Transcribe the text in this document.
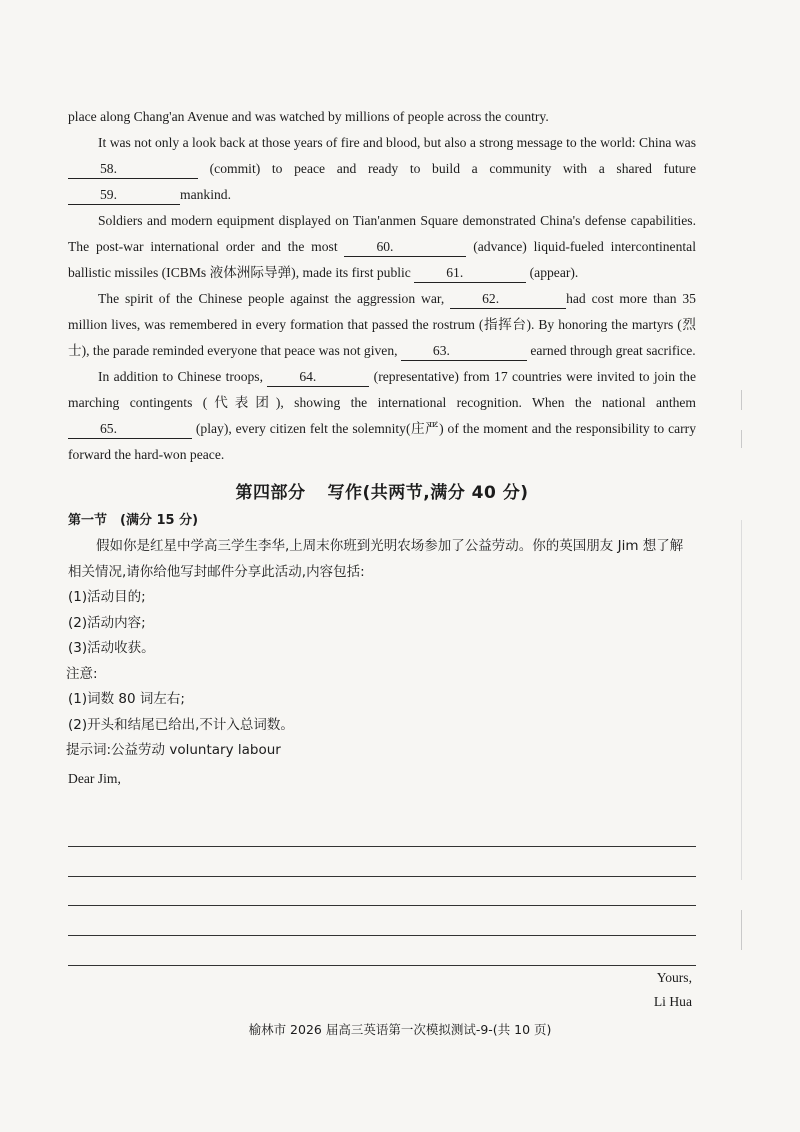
place along Chang'an Avenue and was watched by millions of people across the country.

It was not only a look back at those years of fire and blood, but also a strong message to the world: China was 58.	(commit) to peace and ready to build a community with a shared future 59.	mankind.

Soldiers and modern equipment displayed on Tian'anmen Square demonstrated China's defense capabilities. The post-war international order and the most	60.	(advance) liquid-fueled intercontinental ballistic missiles (ICBMs 液体洲际导弹), made its first public	61.	(appear).

The spirit of the Chinese people against the aggression war,	62.	had cost more than 35 million lives, was remembered in every formation that passed the rostrum (指挥台). By honoring the martyrs (烈士), the parade reminded everyone that peace was not given,	63.	earned through great sacrifice.

In addition to Chinese troops,	64.	(representative) from 17 countries were invited to join the marching contingents (代表团), showing the international recognition. When the national anthem 65.	(play), every citizen felt the solemnity(庄严) of the moment and the responsibility to carry forward the hard-won peace.

第四部分 写作(共两节,满分 40 分)
第一节　(满分 15 分)

假如你是红星中学高三学生李华,上周末你班到光明农场参加了公益劳动。你的英国朋友 Jim 想了解相关情况,请你给他写封邮件分享此活动,内容包括:

(1)活动目的;

(2)活动内容;

(3)活动收获。

注意:

(1)词数 80 词左右;

(2)开头和结尾已给出,不计入总词数。

提示词:公益劳动 voluntary labour

Dear Jim,

Yours,
Li Hua
榆林市 2026 届高三英语第一次模拟测试-9-(共 10 页)
